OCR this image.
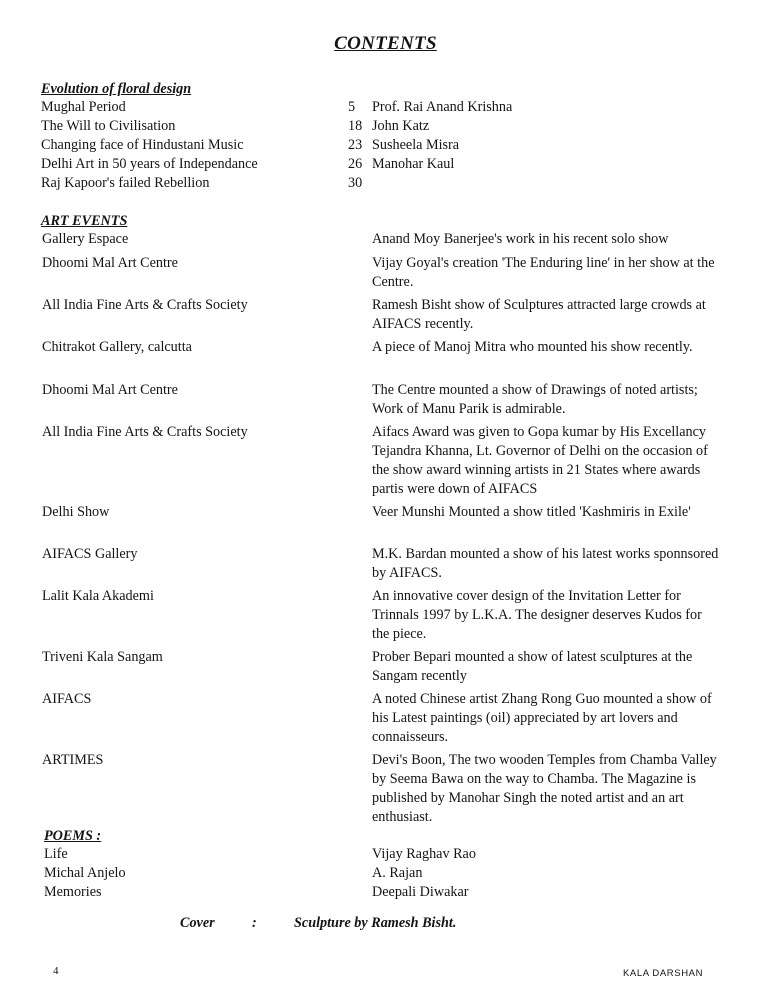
CONTENTS
Evolution of floral design
Mughal Period	5 Prof. Rai Anand Krishna
The Will to Civilisation	18 John Katz
Changing face of Hindustani Music	23 Susheela Misra
Delhi Art in 50 years of Independance	26 Manohar Kaul
Raj Kapoor's failed Rebellion	30
ART EVENTS
Gallery Espace	Anand Moy Banerjee's work in his recent solo show
Dhoomi Mal Art Centre	Vijay Goyal's creation 'The Enduring line' in her show at the Centre.
All India Fine Arts & Crafts Society	Ramesh Bisht show of Sculptures attracted large crowds at AIFACS recently.
Chitrakot Gallery, calcutta	A piece of Manoj Mitra who mounted his show recently.
Dhoomi Mal Art Centre	The Centre mounted a show of Drawings of noted artists; Work of Manu Parik is admirable.
All India Fine Arts & Crafts Society	Aifacs Award was given to Gopa kumar by His Excellancy Tejandra Khanna, Lt. Governor of Delhi on the occasion of the show award winning artists in 21 States where awards partis were down of AIFACS
Delhi Show	Veer Munshi Mounted a show titled 'Kashmiris in Exile'
AIFACS Gallery	M.K. Bardan mounted a show of his latest works sponnsored by AIFACS.
Lalit Kala Akademi	An innovative cover design of the Invitation Letter for Trinnals 1997 by L.K.A. The designer deserves Kudos for the piece.
Triveni Kala Sangam	Prober Bepari mounted a show of latest sculptures at the Sangam recently
AIFACS	A noted Chinese artist Zhang Rong Guo mounted a show of his Latest paintings (oil) appreciated by art lovers and connaisseurs.
ARTIMES	Devi's Boon, The two wooden Temples from Chamba Valley by Seema Bawa on the way to Chamba. The Magazine is published by Manohar Singh the noted artist and an art enthusiast.
POEMS :
Life	Vijay Raghav Rao
Michal Anjelo	A. Rajan
Memories	Deepali Diwakar
Cover	:	Sculpture by Ramesh Bisht.
4	KALA DARSHAN
